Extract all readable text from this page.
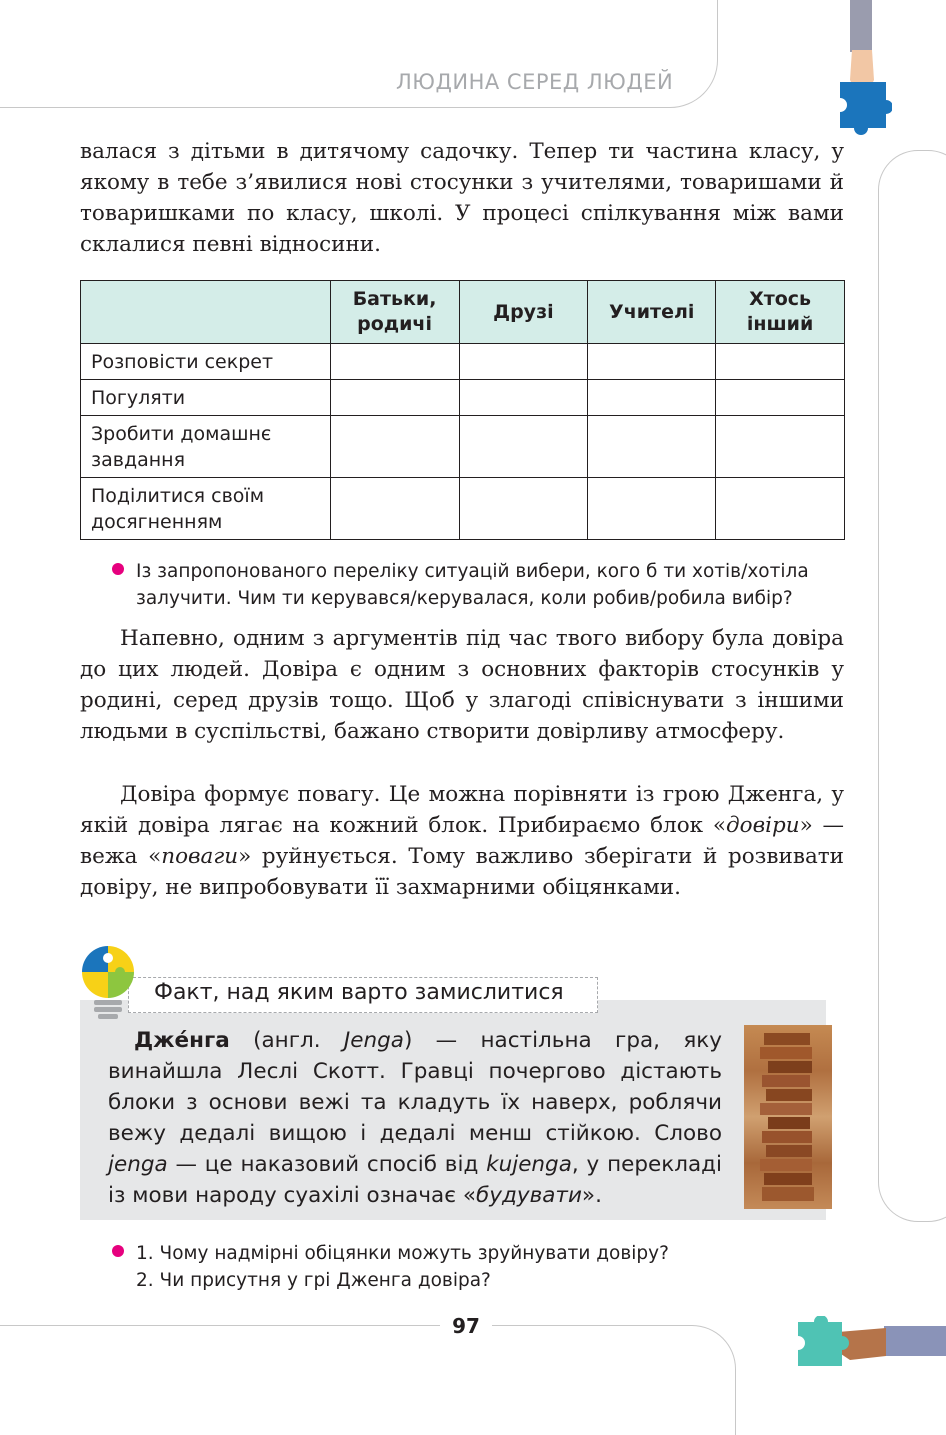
ЛЮДИНА СЕРЕД ЛЮДЕЙ

валася з дітьми в дитячому садочку. Тепер ти частина класу, у якому в тебе з’явилися нові стосунки з учителями, товаришами й товаришками по класу, школі. У процесі спілкування між вами склалися певні відносини.

	Батьки, родичі	Друзі	Учителі	Хтось інший
Розповісти секрет				
Погуляти				
Зробити домашнє завдання				
Поділитися своїм досягненням				
Із запропонованого переліку ситуацій вибери, кого б ти хотів/хотіла залучити. Чим ти керувався/керувалася, коли робив/робила вибір?

Напевно, одним з аргументів під час твого вибору була довіра до цих людей. Довіра є одним з основних факторів стосунків у родині, серед друзів тощо. Щоб у злагоді співіснувати з іншими людьми в суспільстві, бажано створити довірливу атмосферу.

Довіра формує повагу. Це можна порівняти із грою Дженга, у якій довіра лягає на кожний блок. Прибираємо блок «довіри» — вежа «поваги» руйнується. Тому важливо зберігати й розвивати довіру, не випробовувати її захмарними обіцянками.

Факт, над яким варто замислитися

Дже́нга (англ. Jenga) — настільна гра, яку винайшла Леслі Скотт. Гравці почергово дістають блоки з основи вежі та кладуть їх наверх, роблячи вежу дедалі вищою і дедалі менш стійкою. Слово jenga — це наказовий спосіб від kujenga, у перекладі із мови народу суахілі означає «будувати».

1. Чому надмірні обіцянки можуть зруйнувати довіру?
2. Чи присутня у грі Дженга довіра?
97
